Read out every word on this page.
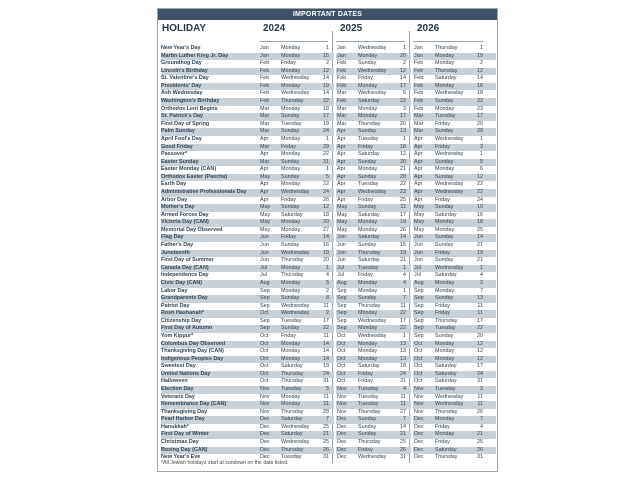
IMPORTANT DATES
HOLIDAY	2024	2025	2026
New Year's Day	Jan	Monday	1 Jan	Wednesday	1 Jan	Thursday	1
Martin Luther King Jr. Day	Jan	Monday	15 Jan	Monday	20 Jan	Monday	19
Groundhog Day	Feb	Friday	2 Feb	Sunday	2 Feb	Monday	2
Lincoln's Birthday	Feb	Monday	12 Feb	Wednesday	12 Feb	Thursday	12
St. Valentine's Day	Feb	Wednesday	14 Feb	Friday	14 Feb	Saturday	14
Presidents' Day	Feb	Monday	19 Feb	Monday	17 Feb	Monday	16
Ash Wednesday	Feb	Wednesday	14 Mar	Wednesday	5 Feb	Wednesday	18
Washington's Birthday	Feb	Thursday	22 Feb	Saturday	22 Feb	Sunday	22
Orthodox Lent Begins	Mar	Monday	18 Mar	Monday	3 Feb	Monday	23
St. Patrick's Day	Mar	Sunday	17 Mar	Monday	17 Mar	Tuesday	17
First Day of Spring	Mar	Tuesday	19 Mar	Thursday	20 Mar	Friday	20
Palm Sunday	Mar	Sunday	24 Apr	Sunday	13 Mar	Sunday	29
April Fool's Day	Apr	Monday	1 Apr	Tuesday	1 Apr	Wednesday	1
Good Friday	Mar	Friday	29 Apr	Friday	18 Apr	Friday	3
Passover*	Apr	Monday	22 Apr	Saturday	12 Apr	Wednesday	1
Easter Sunday	Mar	Sunday	31 Apr	Sunday	20 Apr	Sunday	5
Easter Monday (CAN)	Apr	Monday	1 Apr	Monday	21 Apr	Monday	6
Orthodox Easter (Pascha)	May	Sunday	5 Apr	Sunday	20 Apr	Sunday	12
Earth Day	Apr	Monday	22 Apr	Tuesday	22 Apr	Wednesday	22
Administrative Professionals Day	Apr	Wednesday	24 Apr	Wednesday	23 Apr	Wednesday	22
Arbor Day	Apr	Friday	26 Apr	Friday	25 Apr	Friday	24
Mother's Day	May	Sunday	12 May	Sunday	11 May	Sunday	10
Armed Forces Day	May	Saturday	18 May	Saturday	17 May	Saturday	16
Victoria Day (CAN)	May	Monday	20 May	Monday	19 May	Monday	18
Memorial Day Observed	May	Monday	27 May	Monday	26 May	Monday	25
Flag Day	Jun	Friday	14 Jun	Saturday	14 Jun	Sunday	14
Father's Day	Jun	Sunday	16 Jun	Sunday	15 Jun	Sunday	21
Juneteenth	Jun	Wednesday	19 Jun	Thursday	19 Jun	Friday	19
First Day of Summer	Jun	Thursday	20 Jun	Saturday	21 Jun	Sunday	21
Canada Day (CAN)	Jul	Monday	1 Jul	Tuesday	1 Jul	Wednesday	1
Independence Day	Jul	Thursday	4 Jul	Friday	4 Jul	Saturday	4
Civic Day (CAN)	Aug	Monday	5 Aug	Monday	4 Aug	Monday	3
Labor Day	Sep	Monday	2 Sep	Monday	1 Sep	Monday	7
Grandparents Day	Sep	Sunday	8 Sep	Sunday	7 Sep	Sunday	13
Patriot Day	Sep	Wednesday	11 Sep	Thursday	11 Sep	Friday	11
Rosh Hashanah*	Oct	Wednesday	2 Sep	Monday	22 Sep	Friday	11
Citizenship Day	Sep	Tuesday	17 Sep	Wednesday	17 Sep	Thursday	17
First Day of Autumn	Sep	Sunday	22 Sep	Monday	22 Sep	Tuesday	22
Yom Kippur*	Oct	Friday	11 Oct	Wednesday	1 Sep	Sunday	20
Columbus Day Observed	Oct	Monday	14 Oct	Monday	13 Oct	Monday	12
Thanksgiving Day (CAN)	Oct	Monday	14 Oct	Monday	13 Oct	Monday	12
Indigenous Peoples Day	Oct	Monday	14 Oct	Monday	13 Oct	Monday	12
Sweetest Day	Oct	Saturday	19 Oct	Saturday	18 Oct	Saturday	17
United Nations Day	Oct	Thursday	24 Oct	Friday	24 Oct	Saturday	24
Halloween	Oct	Thursday	31 Oct	Friday	31 Oct	Saturday	31
Election Day	Nov	Tuesday	5 Nov	Tuesday	4 Nov	Tuesday	3
Veterans Day	Nov	Monday	11 Nov	Tuesday	11 Nov	Wednesday	11
Remembrance Day (CAN)	Nov	Monday	11 Nov	Tuesday	11 Nov	Wednesday	11
Thanksgiving Day	Nov	Thursday	28 Nov	Thursday	27 Nov	Thursday	26
Pearl Harbor Day	Dec	Saturday	7 Dec	Sunday	7 Dec	Monday	7
Hanukkah*	Dec	Wednesday	25 Dec	Sunday	14 Dec	Friday	4
First Day of Winter	Dec	Saturday	21 Dec	Sunday	21 Dec	Monday	21
Christmas Day	Dec	Wednesday	25 Dec	Thursday	25 Dec	Friday	25
Boxing Day (CAN)	Dec	Thursday	26 Dec	Friday	26 Dec	Saturday	26
New Year's Eve	Dec	Tuesday	31 Dec	Wednesday	31 Dec	Thursday	31
*All Jewish holidays start at sundown on the date listed.
